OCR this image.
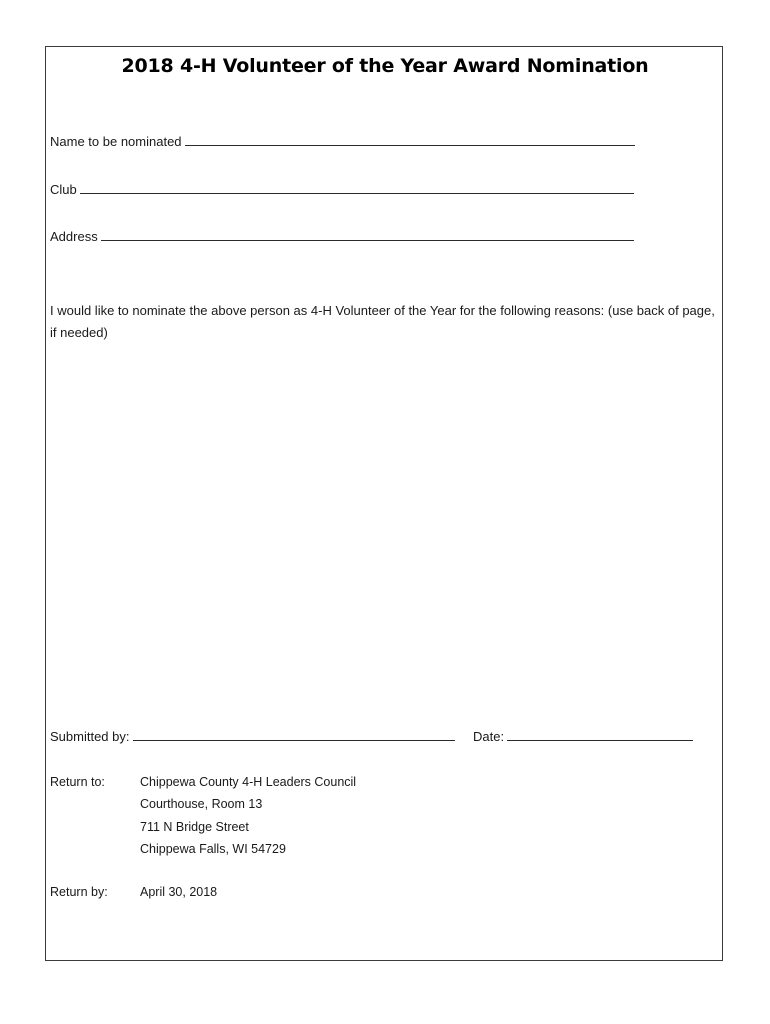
2018 4-H Volunteer of the Year Award Nomination
Name to be nominated
Club
Address
I would like to nominate the above person as 4-H Volunteer of the Year for the following reasons: (use back of page, if needed)
Submitted by:	Date:
Return to:	Chippewa County 4-H Leaders Council
Courthouse, Room 13
711 N Bridge Street
Chippewa Falls, WI 54729
Return by:	April 30, 2018
